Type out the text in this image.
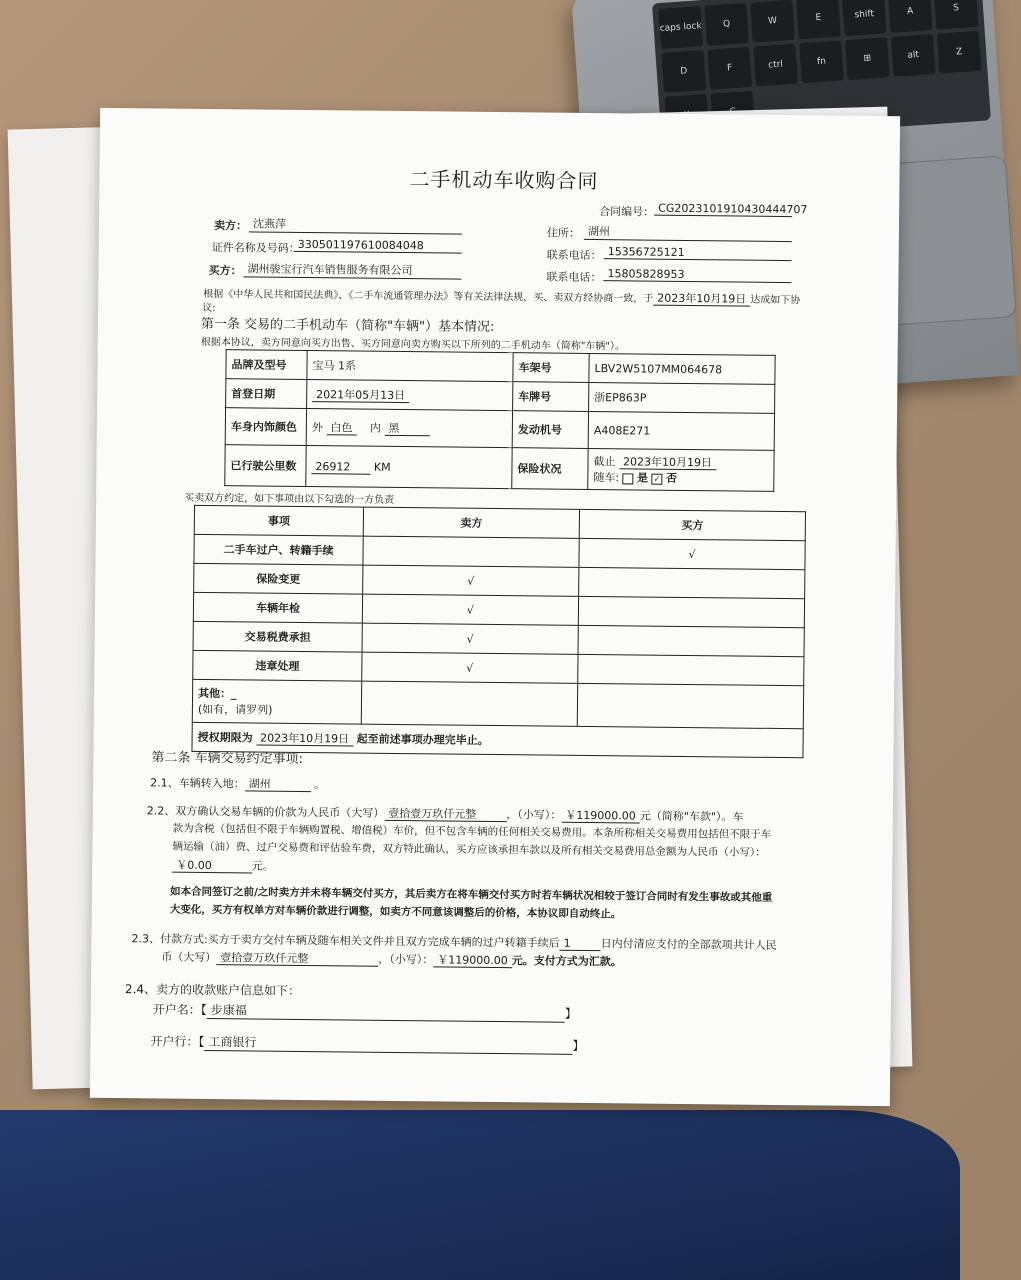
caps lock	Q	W	E	shift	A	S
D	F	ctrl	fn	⊞	alt	Z
二手机动车收购合同
合同编号： CG2023101910430444707
卖方： 沈燕萍
住所： 湖州
证件名称及号码：
330501197610084048
联系电话： 15356725121
买方： 湖州骏宝行汽车销售服务有限公司
联系电话： 15805828953
根据《中华人民共和国民法典》、《二手车流通管理办法》等有关法律法规，买、卖双方经协商一致，于 2023年10月19日 达成如下协
议:
第一条 交易的二手机动车（简称"车辆"）基本情况:
根据本协议，卖方同意向买方出售、买方同意向卖方购买以下所列的二手机动车（简称"车辆"）。
品牌及型号	宝马 1系	车架号	LBV2W5107MM064678
首登日期	2021年05月13日	车牌号	浙EP863P
车身内饰颜色	外 白色 内 黑	发动机号	A408E271
已行驶公里数	26912 KM	保险状况	截止 2023年10月19日
随车: 是 ✓ 否
买卖双方约定，如下事项由以下勾选的一方负责
事项	卖方	买方
二手车过户、转籍手续		√
保险变更	√	
车辆年检	√	
交易税费承担	√	
违章处理	√	

其他：_
(如有，请罗列)		

授权期限为 2023年10月19日 起至前述事项办理完毕止。		
第二条 车辆交易约定事项:
2.1、车辆转入地： 湖州	。
2.2、双方确认交易车辆的价款为人民币（大写） 壹拾壹万玖仟元整	，（小写）： ￥119000.00 元（简称"车款"）。车
款为含税（包括但不限于车辆购置税、增值税）车价，但不包含车辆的任何相关交易费用。本条所称相关交易费用包括但不限于车
辆运输（油）费、过户交易费和评估验车费，双方特此确认，买方应该承担车款以及所有相关交易费用总金额为人民币（小写）：
￥0.00	元。
如本合同签订之前/之时卖方并未将车辆交付买方，其后卖方在将车辆交付买方时若车辆状况相较于签订合同时有发生事故或其他重
大变化，买方有权单方对车辆价款进行调整，如卖方不同意该调整后的价格，本协议即自动终止。
2.3、付款方式:买方于卖方交付车辆及随车相关文件并且双方完成车辆的过户转籍手续后 1	日内付清应支付的全部款项共计人民
币（大写） 壹拾壹万玖仟元整	，（小写）： ￥119000.00 元。支付方式为汇款。
2.4、卖方的收款账户信息如下：
开户名：【 步康福	】
开户行：【 工商银行	】
